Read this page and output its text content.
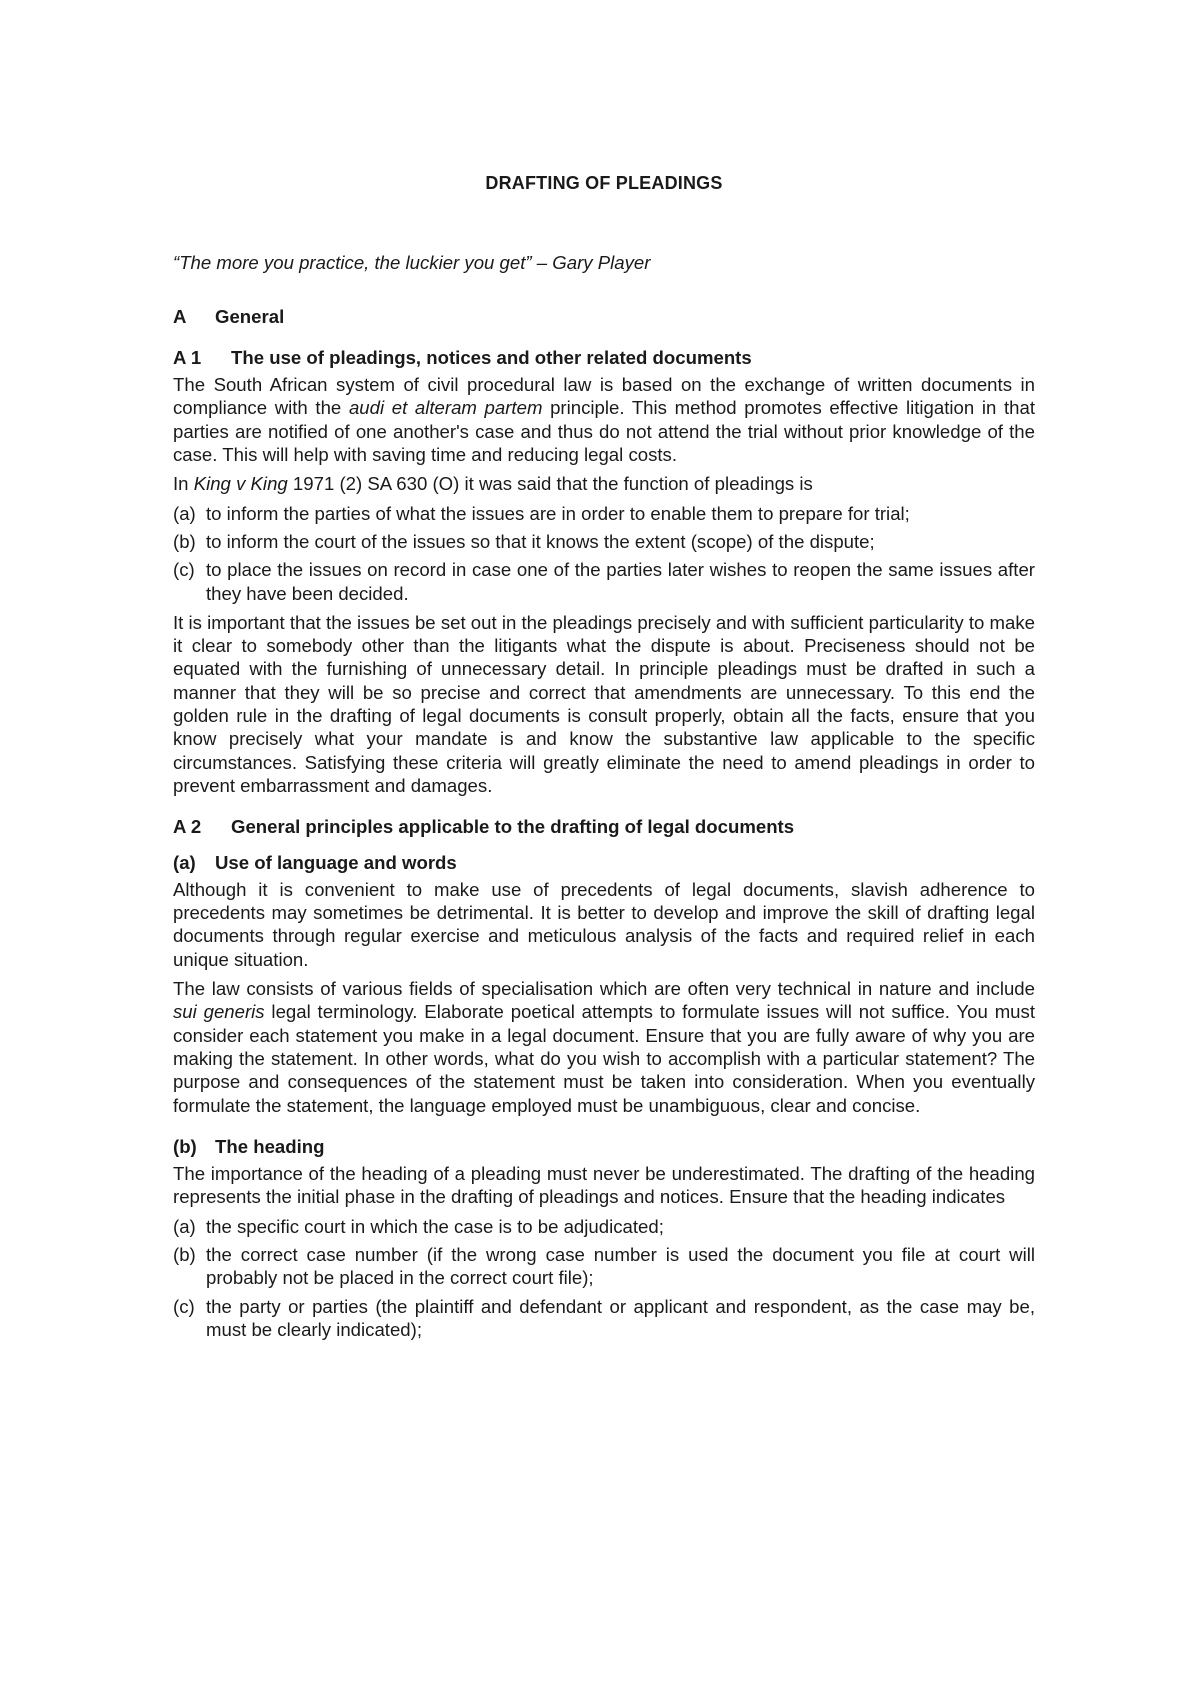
DRAFTING OF PLEADINGS
“The more you practice, the luckier you get” – Gary Player
A General
A 1 The use of pleadings, notices and other related documents

The South African system of civil procedural law is based on the exchange of written documents in compliance with the audi et alteram partem principle. This method promotes effective litigation in that parties are notified of one another's case and thus do not attend the trial without prior knowledge of the case. This will help with saving time and reducing legal costs.

In King v King 1971 (2) SA 630 (O) it was said that the function of pleadings is

(a) to inform the parties of what the issues are in order to enable them to prepare for trial;
(b) to inform the court of the issues so that it knows the extent (scope) of the dispute;
(c) to place the issues on record in case one of the parties later wishes to reopen the same issues after they have been decided.

It is important that the issues be set out in the pleadings precisely and with sufficient particularity to make it clear to somebody other than the litigants what the dispute is about. Preciseness should not be equated with the furnishing of unnecessary detail. In principle pleadings must be drafted in such a manner that they will be so precise and correct that amendments are unnecessary. To this end the golden rule in the drafting of legal documents is consult properly, obtain all the facts, ensure that you know precisely what your mandate is and know the substantive law applicable to the specific circumstances. Satisfying these criteria will greatly eliminate the need to amend pleadings in order to prevent embarrassment and damages.

A 2 General principles applicable to the drafting of legal documents
(a) Use of language and words

Although it is convenient to make use of precedents of legal documents, slavish adherence to precedents may sometimes be detrimental. It is better to develop and improve the skill of drafting legal documents through regular exercise and meticulous analysis of the facts and required relief in each unique situation.

The law consists of various fields of specialisation which are often very technical in nature and include sui generis legal terminology. Elaborate poetical attempts to formulate issues will not suffice. You must consider each statement you make in a legal document. Ensure that you are fully aware of why you are making the statement. In other words, what do you wish to accomplish with a particular statement? The purpose and consequences of the statement must be taken into consideration. When you eventually formulate the statement, the language employed must be unambiguous, clear and concise.

(b) The heading

The importance of the heading of a pleading must never be underestimated. The drafting of the heading represents the initial phase in the drafting of pleadings and notices. Ensure that the heading indicates

(a) the specific court in which the case is to be adjudicated;
(b) the correct case number (if the wrong case number is used the document you file at court will probably not be placed in the correct court file);
(c) the party or parties (the plaintiff and defendant or applicant and respondent, as the case may be, must be clearly indicated);
